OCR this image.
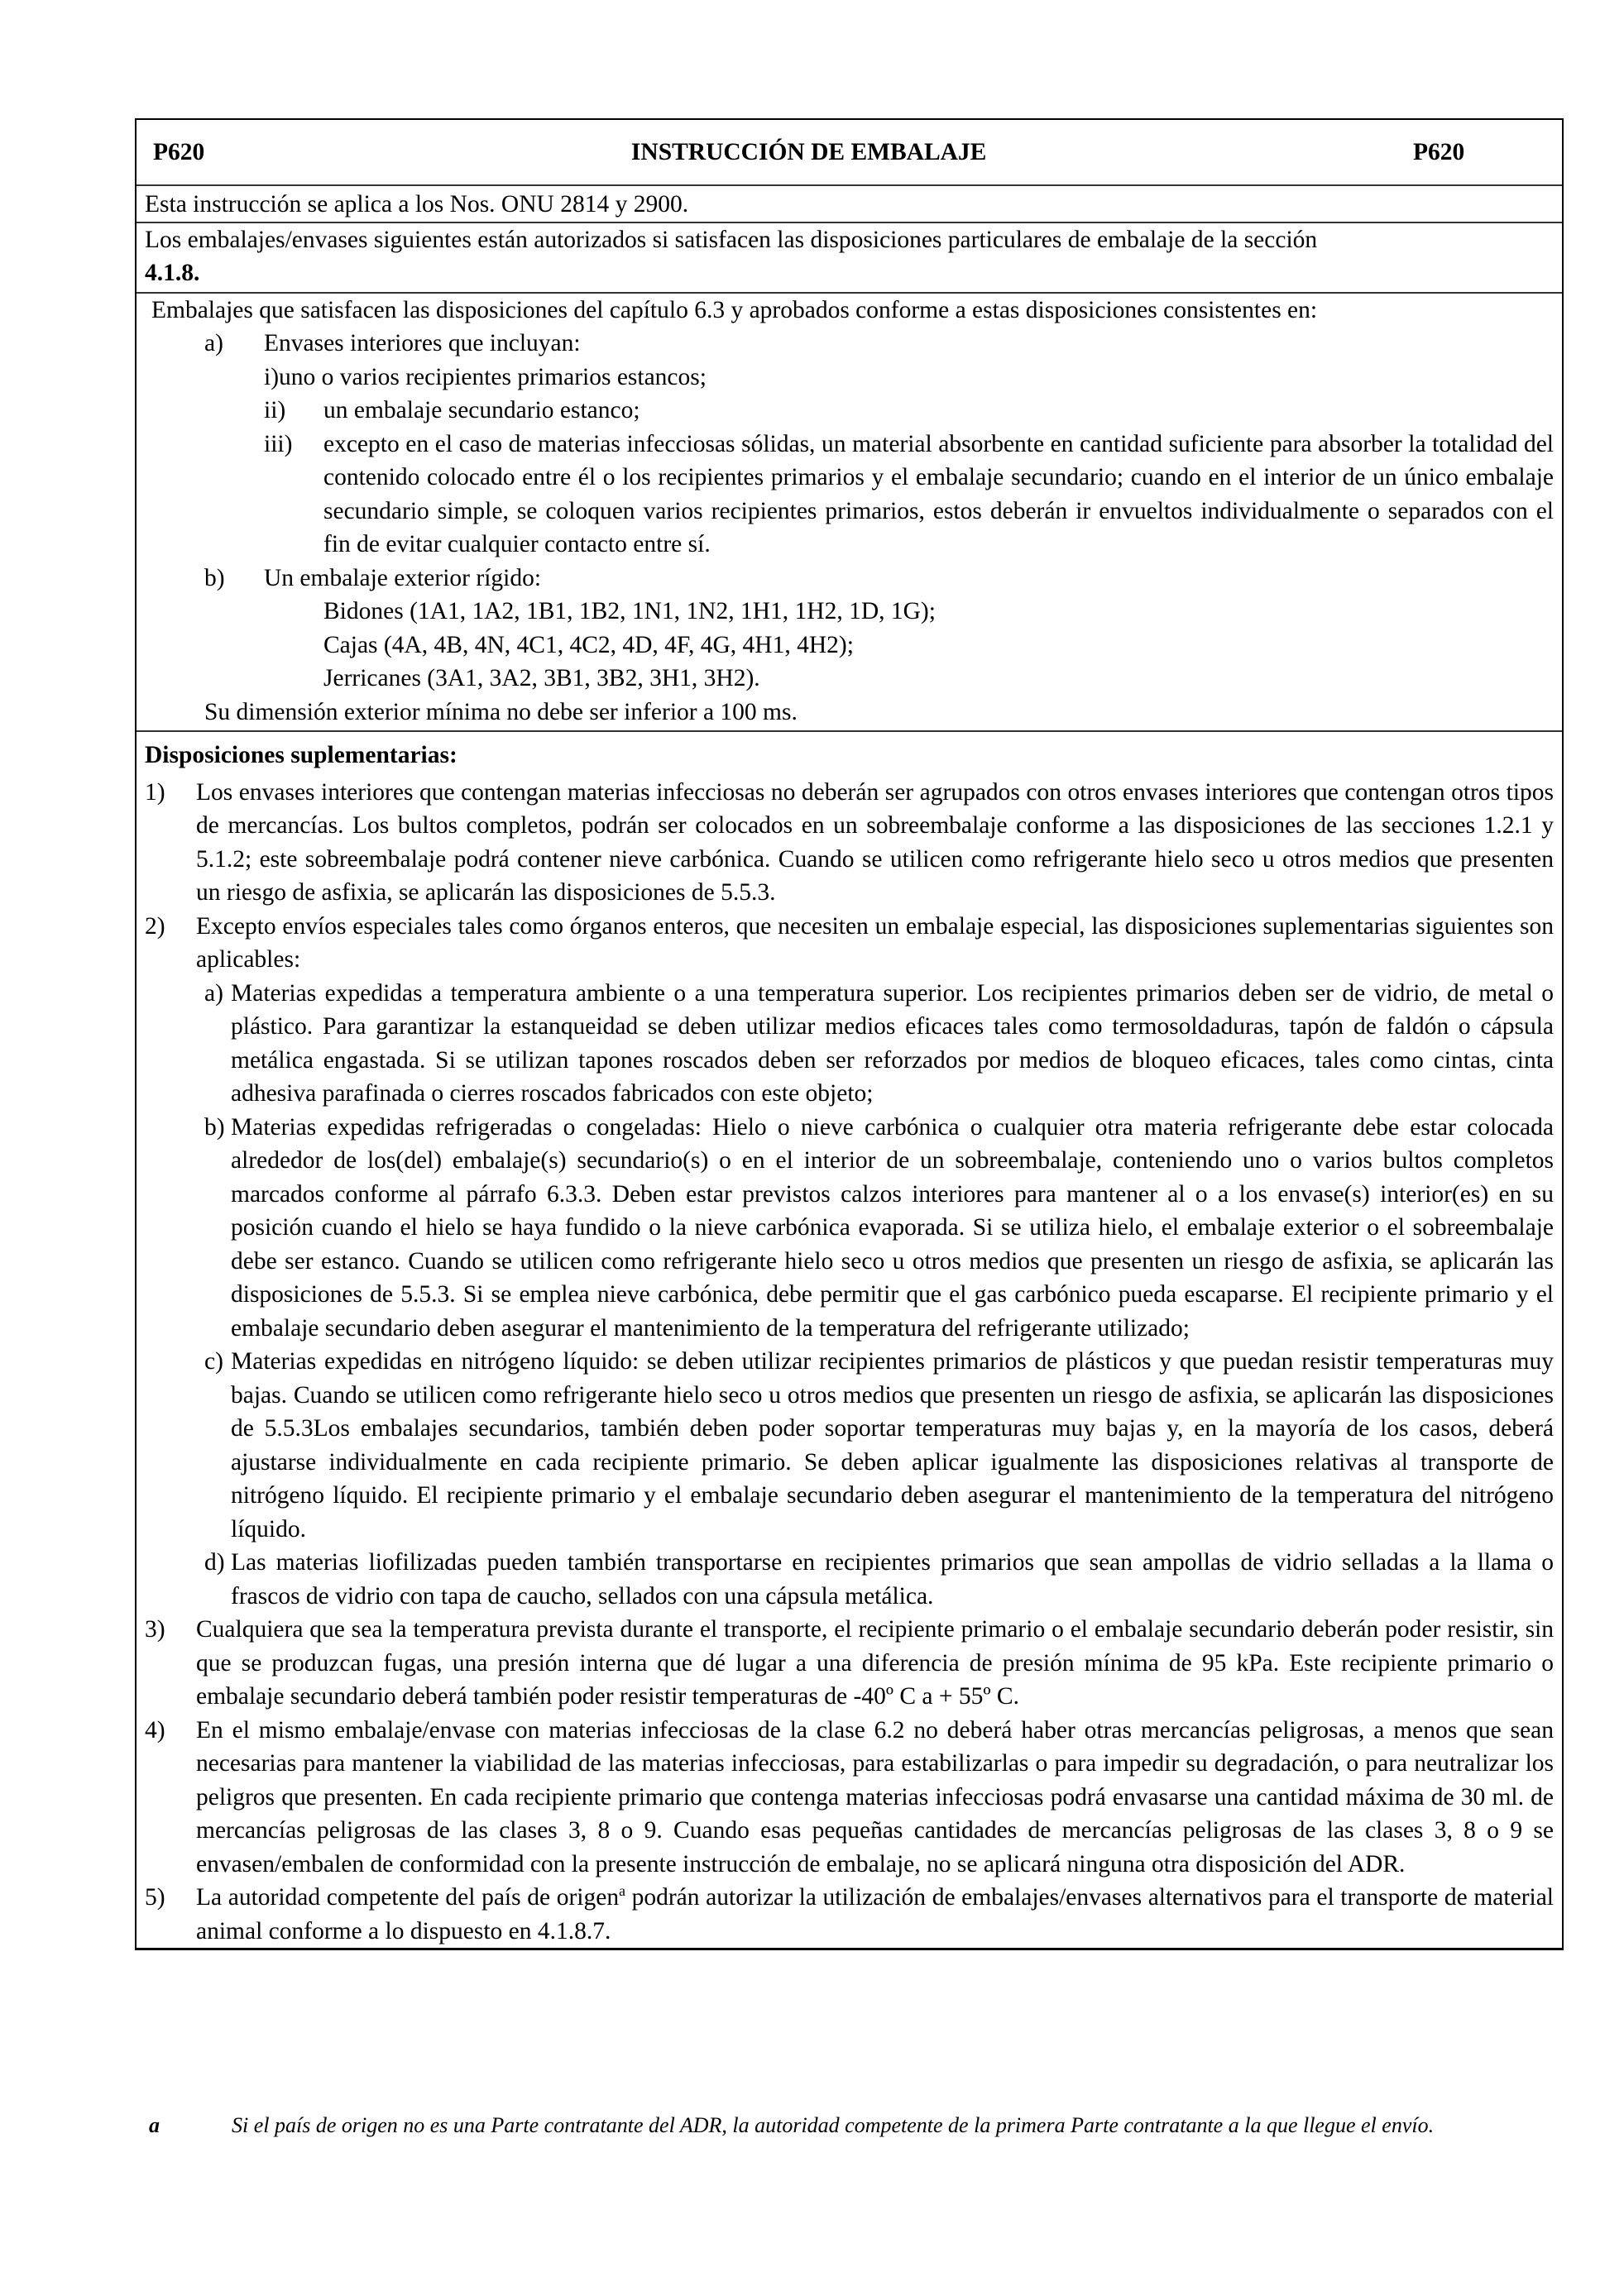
P620	INSTRUCCIÓN DE EMBALAJE	P620
Esta instrucción se aplica a los Nos. ONU 2814 y 2900.
Los embalajes/envases siguientes están autorizados si satisfacen las disposiciones particulares de embalaje de la sección
4.1.8.
Embalajes que satisfacen las disposiciones del capítulo 6.3 y aprobados conforme a estas disposiciones consistentes en:
a)	Envases interiores que incluyan:
i)uno o varios recipientes primarios estancos;
ii)	un embalaje secundario estanco;
iii)	excepto en el caso de materias infecciosas sólidas, un material absorbente en cantidad suficiente para absorber la totalidad del contenido colocado entre él o los recipientes primarios y el embalaje secundario; cuando en el interior de un único embalaje secundario simple, se coloquen varios recipientes primarios, estos deberán ir envueltos individualmente o separados con el fin de evitar cualquier contacto entre sí.
b)	Un embalaje exterior rígido:
Bidones (1A1, 1A2, 1B1, 1B2, 1N1, 1N2, 1H1, 1H2, 1D, 1G);
Cajas (4A, 4B, 4N, 4C1, 4C2, 4D, 4F, 4G, 4H1, 4H2);
Jerricanes (3A1, 3A2, 3B1, 3B2, 3H1, 3H2).
Su dimensión exterior mínima no debe ser inferior a 100 ms.
Disposiciones suplementarias:
1)	Los envases interiores que contengan materias infecciosas no deberán ser agrupados con otros envases interiores que contengan otros tipos de mercancías. Los bultos completos, podrán ser colocados en un sobreembalaje conforme a las disposiciones de las secciones 1.2.1 y 5.1.2; este sobreembalaje podrá contener nieve carbónica. Cuando se utilicen como refrigerante hielo seco u otros medios que presenten un riesgo de asfixia, se aplicarán las disposiciones de 5.5.3.
2)	Excepto envíos especiales tales como órganos enteros, que necesiten un embalaje especial, las disposiciones suplementarias siguientes son aplicables:
a) Materias expedidas a temperatura ambiente o a una temperatura superior. Los recipientes primarios deben ser de vidrio, de metal o plástico. Para garantizar la estanqueidad se deben utilizar medios eficaces tales como termosoldaduras, tapón de faldón o cápsula metálica engastada. Si se utilizan tapones roscados deben ser reforzados por medios de bloqueo eficaces, tales como cintas, cinta adhesiva parafinada o cierres roscados fabricados con este objeto;
b) Materias expedidas refrigeradas o congeladas: Hielo o nieve carbónica o cualquier otra materia refrigerante debe estar colocada alrededor de los(del) embalaje(s) secundario(s) o en el interior de un sobreembalaje, conteniendo uno o varios bultos completos marcados conforme al párrafo 6.3.3. Deben estar previstos calzos interiores para mantener al o a los envase(s) interior(es) en su posición cuando el hielo se haya fundido o la nieve carbónica evaporada. Si se utiliza hielo, el embalaje exterior o el sobreembalaje debe ser estanco. Cuando se utilicen como refrigerante hielo seco u otros medios que presenten un riesgo de asfixia, se aplicarán las disposiciones de 5.5.3. Si se emplea nieve carbónica, debe permitir que el gas carbónico pueda escaparse. El recipiente primario y el embalaje secundario deben asegurar el mantenimiento de la temperatura del refrigerante utilizado;
c) Materias expedidas en nitrógeno líquido: se deben utilizar recipientes primarios de plásticos y que puedan resistir temperaturas muy bajas. Cuando se utilicen como refrigerante hielo seco u otros medios que presenten un riesgo de asfixia, se aplicarán las disposiciones de 5.5.3Los embalajes secundarios, también deben poder soportar temperaturas muy bajas y, en la mayoría de los casos, deberá ajustarse individualmente en cada recipiente primario. Se deben aplicar igualmente las disposiciones relativas al transporte de nitrógeno líquido. El recipiente primario y el embalaje secundario deben asegurar el mantenimiento de la temperatura del nitrógeno líquido.
d) Las materias liofilizadas pueden también transportarse en recipientes primarios que sean ampollas de vidrio selladas a la llama o frascos de vidrio con tapa de caucho, sellados con una cápsula metálica.
3)	Cualquiera que sea la temperatura prevista durante el transporte, el recipiente primario o el embalaje secundario deberán poder resistir, sin que se produzcan fugas, una presión interna que dé lugar a una diferencia de presión mínima de 95 kPa. Este recipiente primario o embalaje secundario deberá también poder resistir temperaturas de -40º C a + 55º C.
4)	En el mismo embalaje/envase con materias infecciosas de la clase 6.2 no deberá haber otras mercancías peligrosas, a menos que sean necesarias para mantener la viabilidad de las materias infecciosas, para estabilizarlas o para impedir su degradación, o para neutralizar los peligros que presenten. En cada recipiente primario que contenga materias infecciosas podrá envasarse una cantidad máxima de 30 ml. de mercancías peligrosas de las clases 3, 8 o 9. Cuando esas pequeñas cantidades de mercancías peligrosas de las clases 3, 8 o 9 se envasen/embalen de conformidad con la presente instrucción de embalaje, no se aplicará ninguna otra disposición del ADR.
5)	La autoridad competente del país de origen$^a$ podrán autorizar la utilización de embalajes/envases alternativos para el transporte de material animal conforme a lo dispuesto en 4.1.8.7.
a	Si el país de origen no es una Parte contratante del ADR, la autoridad competente de la primera Parte contratante a la que llegue el envío.
